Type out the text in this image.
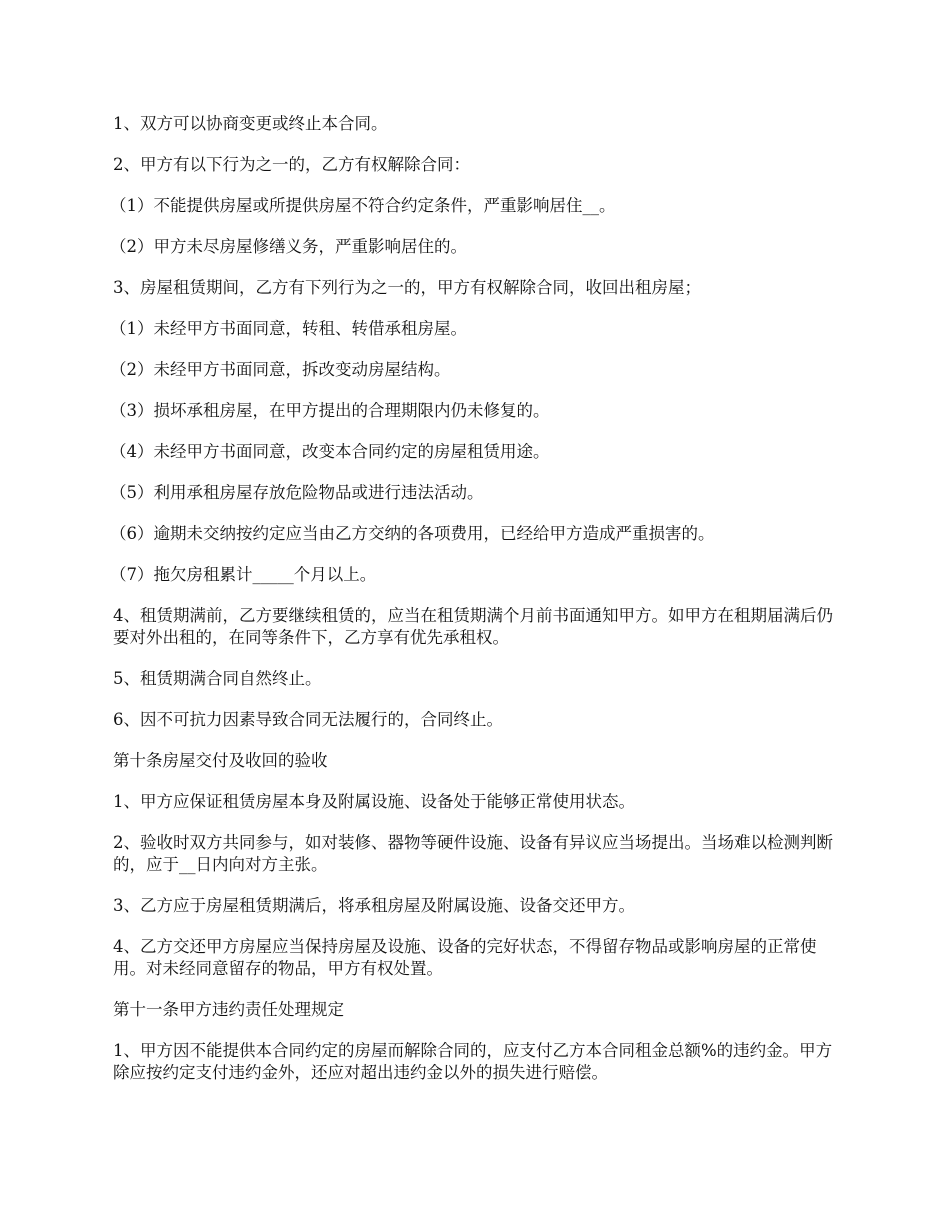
1、双方可以协商变更或终止本合同。

2、甲方有以下行为之一的，乙方有权解除合同：

（1）不能提供房屋或所提供房屋不符合约定条件，严重影响居住__。

（2）甲方未尽房屋修缮义务，严重影响居住的。

3、房屋租赁期间，乙方有下列行为之一的，甲方有权解除合同，收回出租房屋；

（1）未经甲方书面同意，转租、转借承租房屋。

（2）未经甲方书面同意，拆改变动房屋结构。

（3）损坏承租房屋，在甲方提出的合理期限内仍未修复的。

（4）未经甲方书面同意，改变本合同约定的房屋租赁用途。

（5）利用承租房屋存放危险物品或进行违法活动。

（6）逾期未交纳按约定应当由乙方交纳的各项费用，已经给甲方造成严重损害的。

（7）拖欠房租累计_____个月以上。

4、租赁期满前，乙方要继续租赁的，应当在租赁期满个月前书面通知甲方。如甲方在租期届满后仍要对外出租的，在同等条件下，乙方享有优先承租权。

5、租赁期满合同自然终止。

6、因不可抗力因素导致合同无法履行的，合同终止。

第十条房屋交付及收回的验收

1、甲方应保证租赁房屋本身及附属设施、设备处于能够正常使用状态。

2、验收时双方共同参与，如对装修、器物等硬件设施、设备有异议应当场提出。当场难以检测判断的，应于__日内向对方主张。

3、乙方应于房屋租赁期满后，将承租房屋及附属设施、设备交还甲方。

4、乙方交还甲方房屋应当保持房屋及设施、设备的完好状态，不得留存物品或影响房屋的正常使用。对未经同意留存的物品，甲方有权处置。

第十一条甲方违约责任处理规定

1、甲方因不能提供本合同约定的房屋而解除合同的，应支付乙方本合同租金总额%的违约金。甲方除应按约定支付违约金外，还应对超出违约金以外的损失进行赔偿。
